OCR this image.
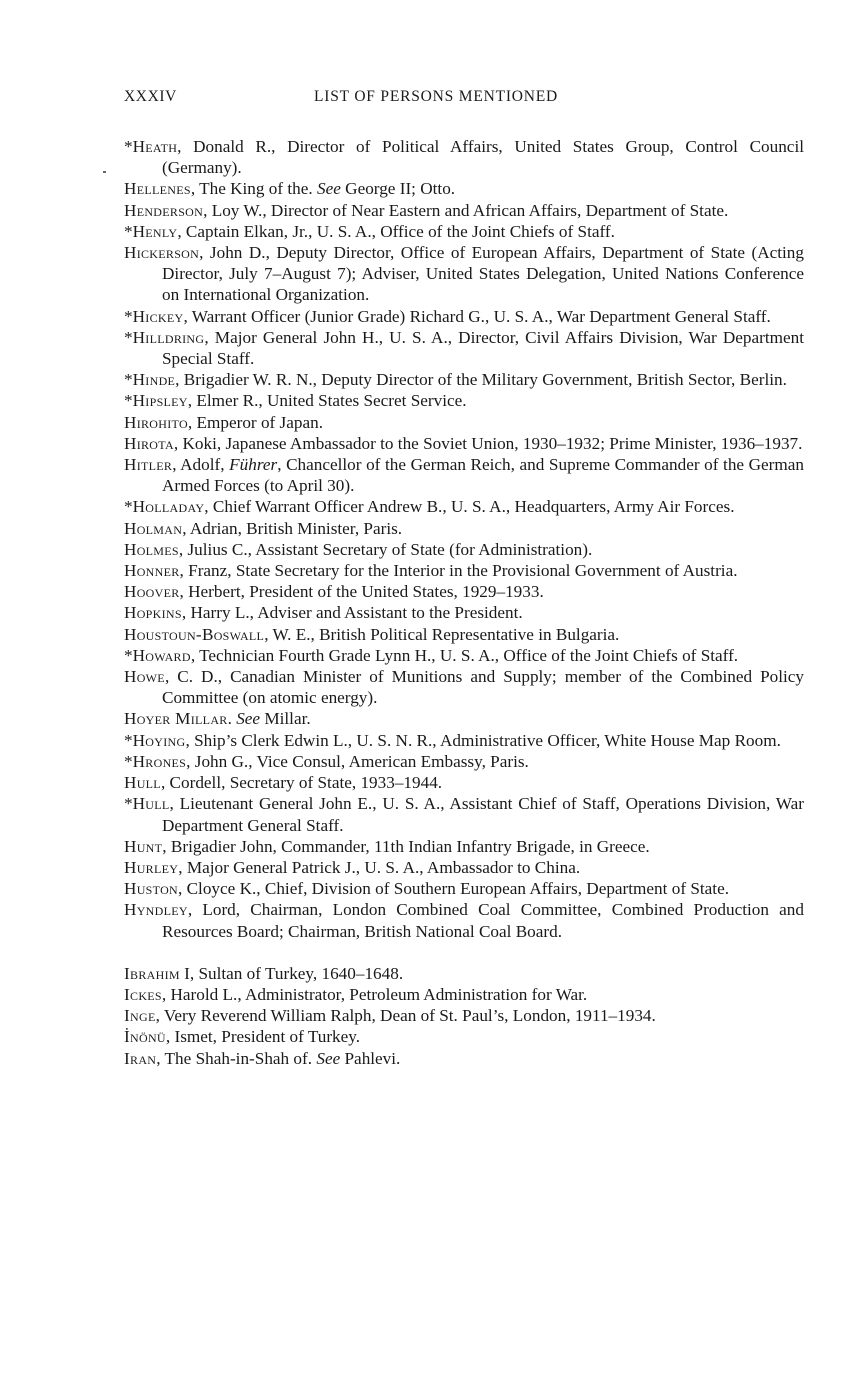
XXXIV	LIST OF PERSONS MENTIONED

*Heath, Donald R., Director of Political Affairs, United States Group, Control Council (Germany).

Hellenes, The King of the. See George II; Otto.

Henderson, Loy W., Director of Near Eastern and African Affairs, Department of State.

*Henly, Captain Elkan, Jr., U. S. A., Office of the Joint Chiefs of Staff.

Hickerson, John D., Deputy Director, Office of European Affairs, Department of State (Acting Director, July 7–August 7); Adviser, United States Delegation, United Nations Conference on International Organization.

*Hickey, Warrant Officer (Junior Grade) Richard G., U. S. A., War Department General Staff.

*Hilldring, Major General John H., U. S. A., Director, Civil Affairs Division, War Department Special Staff.

*Hinde, Brigadier W. R. N., Deputy Director of the Military Government, British Sector, Berlin.

*Hipsley, Elmer R., United States Secret Service.

Hirohito, Emperor of Japan.

Hirota, Koki, Japanese Ambassador to the Soviet Union, 1930–1932; Prime Minister, 1936–1937.

Hitler, Adolf, Führer, Chancellor of the German Reich, and Supreme Commander of the German Armed Forces (to April 30).

*Holladay, Chief Warrant Officer Andrew B., U. S. A., Headquarters, Army Air Forces.

Holman, Adrian, British Minister, Paris.

Holmes, Julius C., Assistant Secretary of State (for Administration).

Honner, Franz, State Secretary for the Interior in the Provisional Government of Austria.

Hoover, Herbert, President of the United States, 1929–1933.

Hopkins, Harry L., Adviser and Assistant to the President.

Houstoun-Boswall, W. E., British Political Representative in Bulgaria.

*Howard, Technician Fourth Grade Lynn H., U. S. A., Office of the Joint Chiefs of Staff.

Howe, C. D., Canadian Minister of Munitions and Supply; member of the Combined Policy Committee (on atomic energy).

Hoyer Millar. See Millar.

*Hoying, Ship’s Clerk Edwin L., U. S. N. R., Administrative Officer, White House Map Room.

*Hrones, John G., Vice Consul, American Embassy, Paris.

Hull, Cordell, Secretary of State, 1933–1944.

*Hull, Lieutenant General John E., U. S. A., Assistant Chief of Staff, Operations Division, War Department General Staff.

Hunt, Brigadier John, Commander, 11th Indian Infantry Brigade, in Greece.

Hurley, Major General Patrick J., U. S. A., Ambassador to China.

Huston, Cloyce K., Chief, Division of Southern European Affairs, Department of State.

Hyndley, Lord, Chairman, London Combined Coal Committee, Combined Production and Resources Board; Chairman, British National Coal Board.

Ibrahim I, Sultan of Turkey, 1640–1648.

Ickes, Harold L., Administrator, Petroleum Administration for War.

Inge, Very Reverend William Ralph, Dean of St. Paul’s, London, 1911–1934.

İnönü, Ismet, President of Turkey.

Iran, The Shah-in-Shah of. See Pahlevi.
